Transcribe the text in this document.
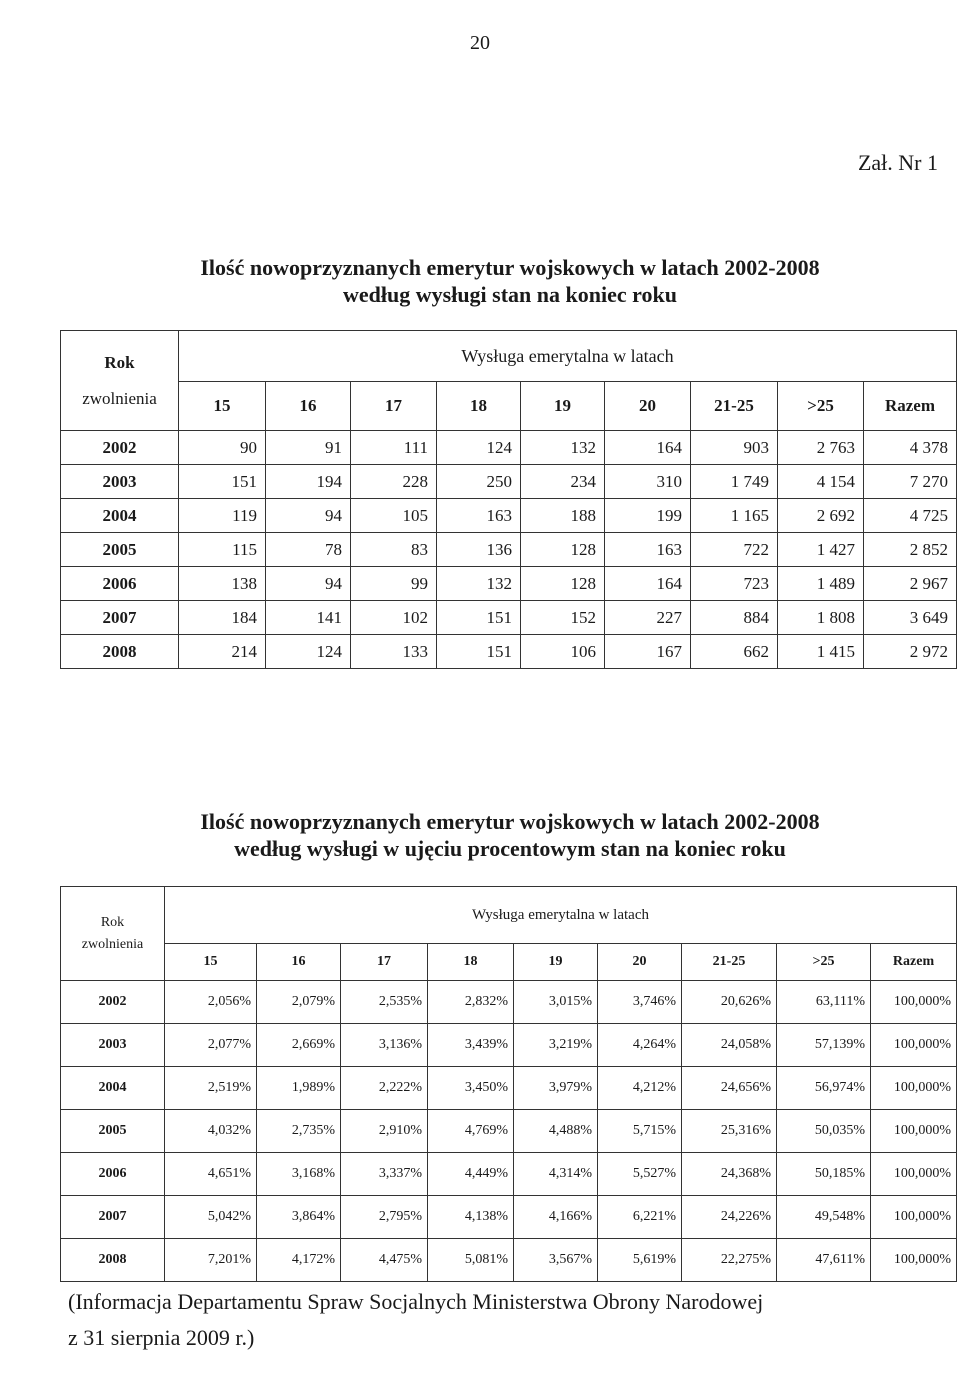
20
Zał. Nr 1
Ilość nowoprzyznanych emerytur wojskowych w latach 2002-2008
według wysługi stan na koniec roku
Rok
zwolnienia	Wysługa emerytalna w latach								
	15	16	17	18	19	20	21-25	>25	Razem
2002	90	91	111	124	132	164	903	2 763	4 378
2003	151	194	228	250	234	310	1 749	4 154	7 270
2004	119	94	105	163	188	199	1 165	2 692	4 725
2005	115	78	83	136	128	163	722	1 427	2 852
2006	138	94	99	132	128	164	723	1 489	2 967
2007	184	141	102	151	152	227	884	1 808	3 649
2008	214	124	133	151	106	167	662	1 415	2 972
Ilość nowoprzyznanych emerytur wojskowych w latach 2002-2008
według wysługi w ujęciu procentowym stan na koniec roku
Rok
zwolnienia	Wysługa emerytalna w latach								
	15	16	17	18	19	20	21-25	>25	Razem
2002	2,056%	2,079%	2,535%	2,832%	3,015%	3,746%	20,626%	63,111%	100,000%
2003	2,077%	2,669%	3,136%	3,439%	3,219%	4,264%	24,058%	57,139%	100,000%
2004	2,519%	1,989%	2,222%	3,450%	3,979%	4,212%	24,656%	56,974%	100,000%
2005	4,032%	2,735%	2,910%	4,769%	4,488%	5,715%	25,316%	50,035%	100,000%
2006	4,651%	3,168%	3,337%	4,449%	4,314%	5,527%	24,368%	50,185%	100,000%
2007	5,042%	3,864%	2,795%	4,138%	4,166%	6,221%	24,226%	49,548%	100,000%
2008	7,201%	4,172%	4,475%	5,081%	3,567%	5,619%	22,275%	47,611%	100,000%
(Informacja Departamentu Spraw Socjalnych Ministerstwa Obrony Narodowej
z 31 sierpnia 2009 r.)
